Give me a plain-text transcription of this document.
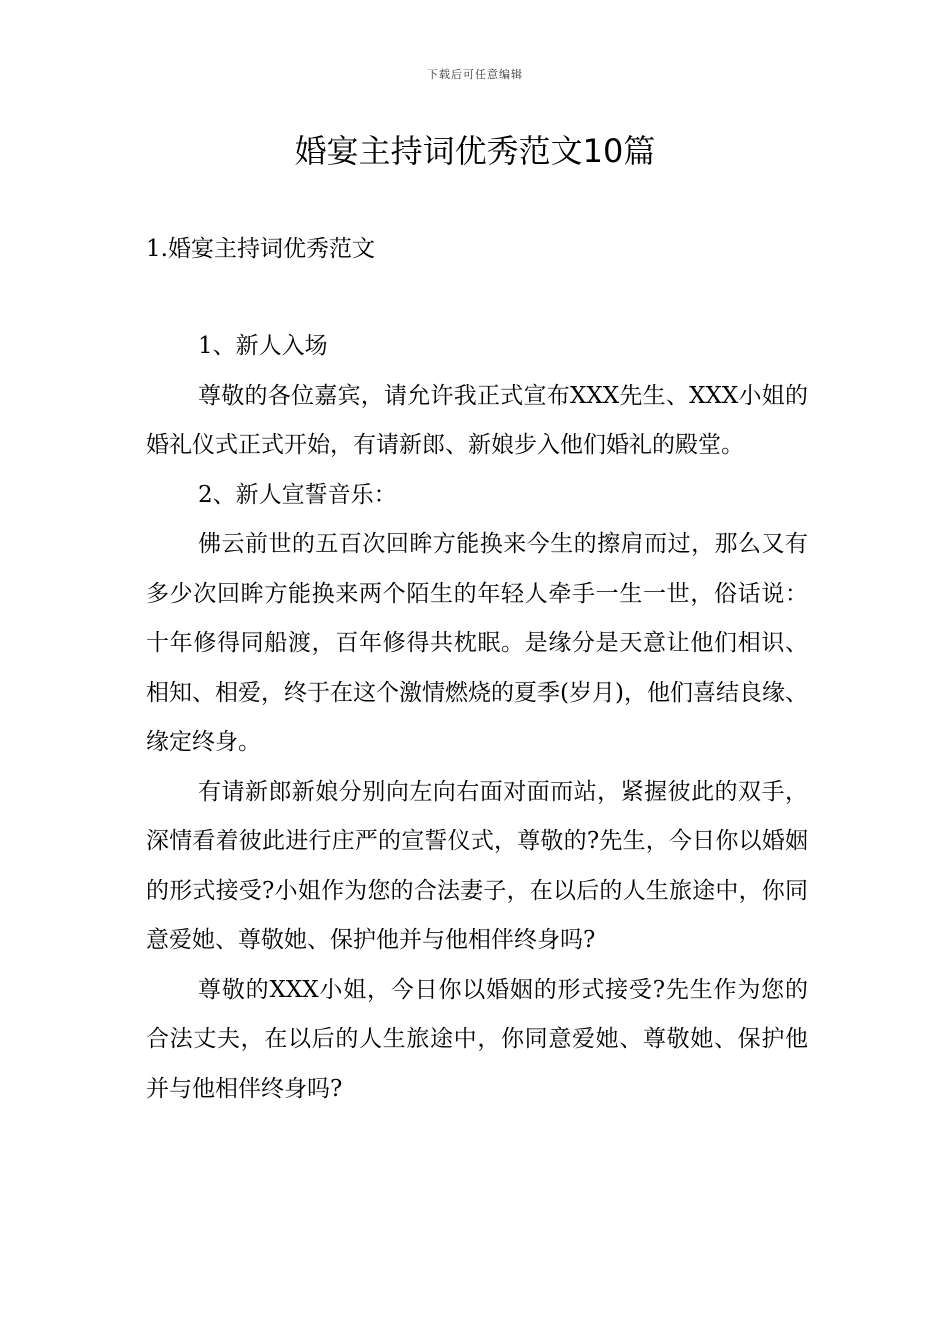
下载后可任意编辑
婚宴主持词优秀范文10篇
1.婚宴主持词优秀范文

1、新人入场

尊敬的各位嘉宾，请允许我正式宣布XXX先生、XXX小姐的婚礼仪式正式开始，有请新郎、新娘步入他们婚礼的殿堂。

2、新人宣誓音乐：

佛云前世的五百次回眸方能换来今生的擦肩而过，那么又有多少次回眸方能换来两个陌生的年轻人牵手一生一世，俗话说：十年修得同船渡，百年修得共枕眠。是缘分是天意让他们相识、相知、相爱，终于在这个激情燃烧的夏季(岁月)，他们喜结良缘、缘定终身。

有请新郎新娘分别向左向右面对面而站，紧握彼此的双手，深情看着彼此进行庄严的宣誓仪式，尊敬的?先生，今日你以婚姻的形式接受?小姐作为您的合法妻子，在以后的人生旅途中，你同意爱她、尊敬她、保护他并与他相伴终身吗?

尊敬的XXX小姐，今日你以婚姻的形式接受?先生作为您的合法丈夫，在以后的人生旅途中，你同意爱她、尊敬她、保护他并与他相伴终身吗?
